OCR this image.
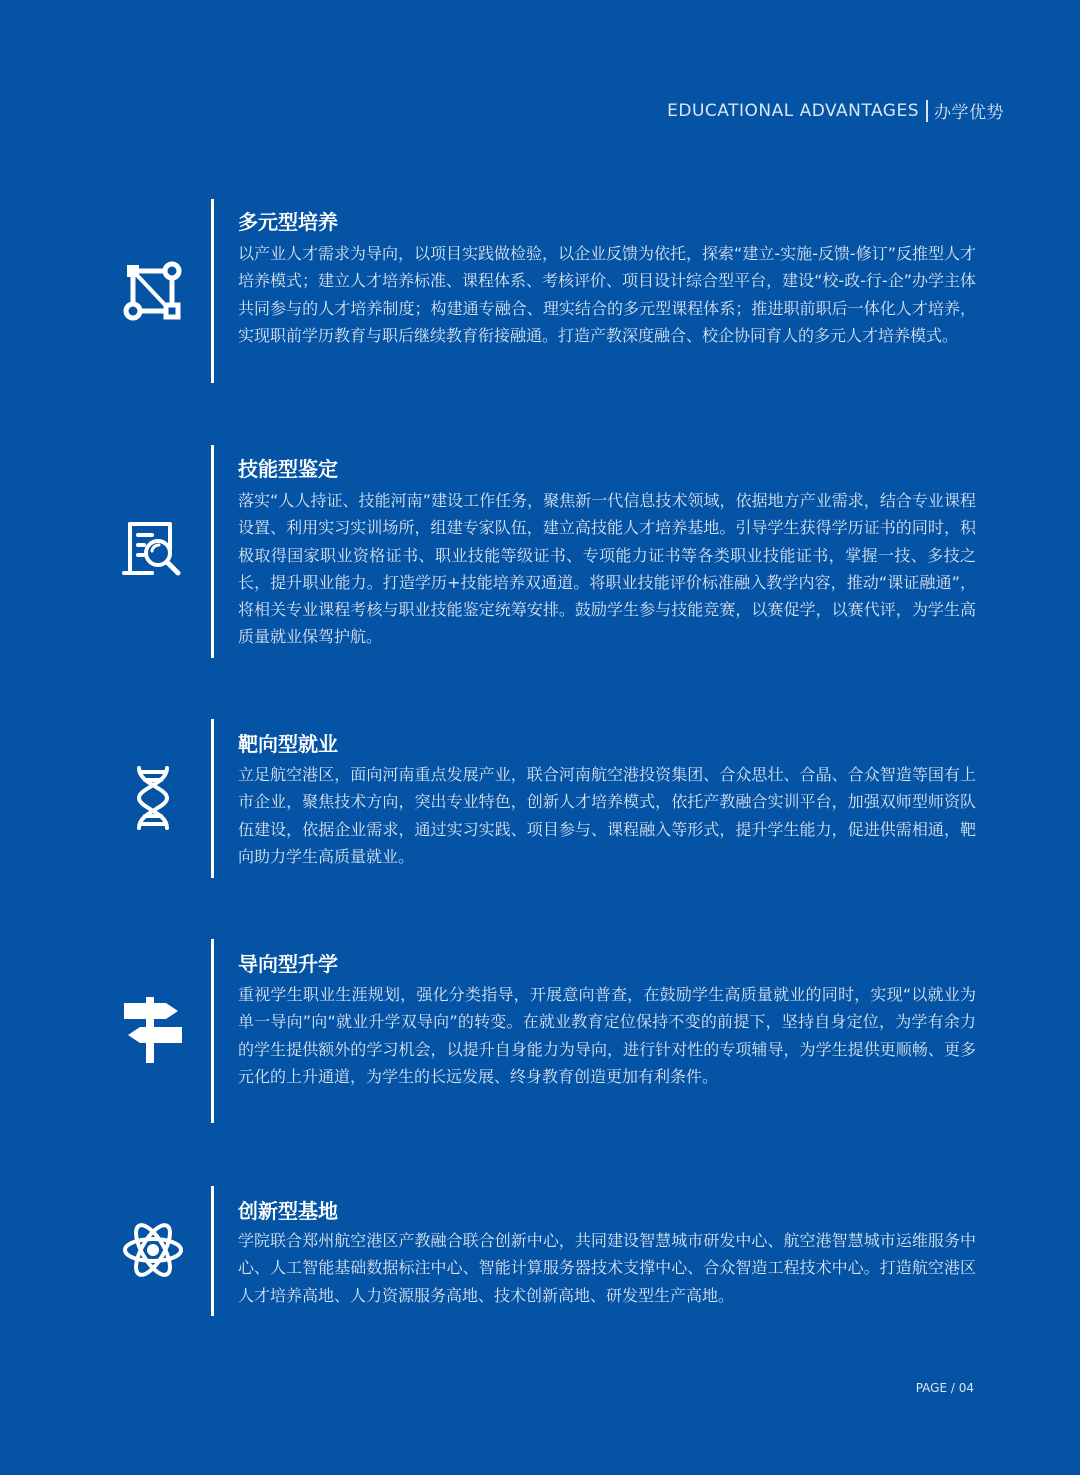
EDUCATIONAL ADVANTAGES 办学优势
多元型培养
以产业人才需求为导向，以项目实践做检验，以企业反馈为依托，探索“建立-实施-反馈-修订”反推型人才培养模式；建立人才培养标准、课程体系、考核评价、项目设计综合型平台，建设“校-政-行-企”办学主体共同参与的人才培养制度；构建通专融合、理实结合的多元型课程体系；推进职前职后一体化人才培养，实现职前学历教育与职后继续教育衔接融通。打造产教深度融合、校企协同育人的多元人才培养模式。
技能型鉴定
落实“人人持证、技能河南”建设工作任务，聚焦新一代信息技术领域，依据地方产业需求，结合专业课程设置、利用实习实训场所，组建专家队伍，建立高技能人才培养基地。引导学生获得学历证书的同时，积极取得国家职业资格证书、职业技能等级证书、专项能力证书等各类职业技能证书，掌握一技、多技之长，提升职业能力。打造学历+技能培养双通道。将职业技能评价标准融入教学内容，推动“课证融通”，将相关专业课程考核与职业技能鉴定统筹安排。鼓励学生参与技能竞赛，以赛促学，以赛代评，为学生高质量就业保驾护航。
靶向型就业
立足航空港区，面向河南重点发展产业，联合河南航空港投资集团、合众思壮、合晶、合众智造等国有上市企业，聚焦技术方向，突出专业特色，创新人才培养模式，依托产教融合实训平台，加强双师型师资队伍建设，依据企业需求，通过实习实践、项目参与、课程融入等形式，提升学生能力，促进供需相通，靶向助力学生高质量就业。
导向型升学
重视学生职业生涯规划，强化分类指导，开展意向普查，在鼓励学生高质量就业的同时，实现“以就业为单一导向”向“就业升学双导向”的转变。在就业教育定位保持不变的前提下，坚持自身定位，为学有余力的学生提供额外的学习机会，以提升自身能力为导向，进行针对性的专项辅导，为学生提供更顺畅、更多元化的上升通道，为学生的长远发展、终身教育创造更加有利条件。
创新型基地
学院联合郑州航空港区产教融合联合创新中心，共同建设智慧城市研发中心、航空港智慧城市运维服务中心、人工智能基础数据标注中心、智能计算服务器技术支撑中心、合众智造工程技术中心。打造航空港区人才培养高地、人力资源服务高地、技术创新高地、研发型生产高地。
PAGE / 04
